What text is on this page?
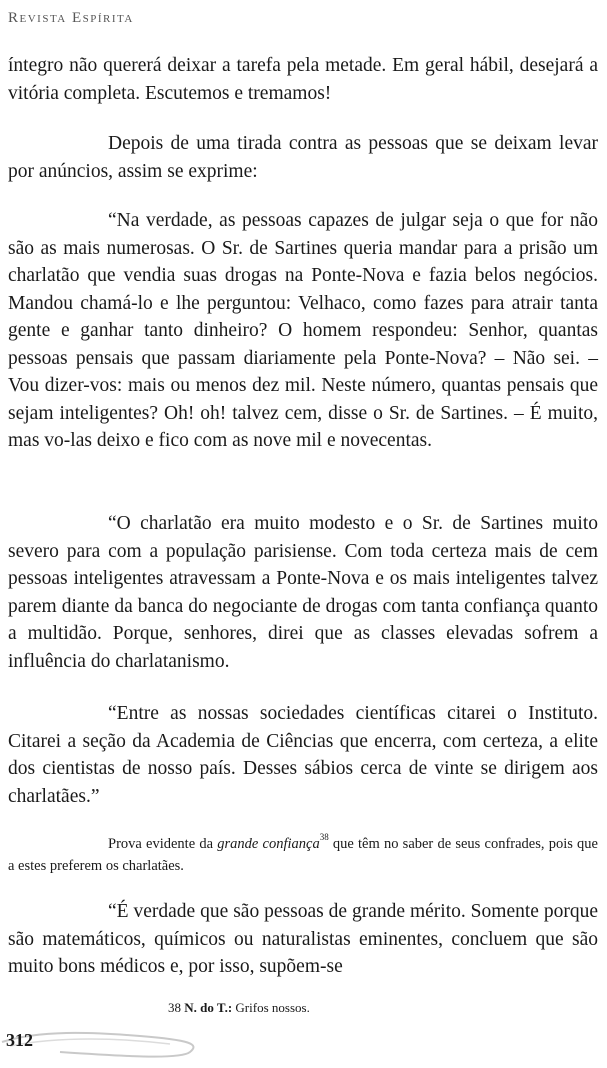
Revista Espírita

íntegro não quererá deixar a tarefa pela metade. Em geral hábil, desejará a vitória completa. Escutemos e tremamos!

Depois de uma tirada contra as pessoas que se deixam levar por anúncios, assim se exprime:

“Na verdade, as pessoas capazes de julgar seja o que for não são as mais numerosas. O Sr. de Sartines queria mandar para a prisão um charlatão que vendia suas drogas na Ponte-Nova e fazia belos negócios. Mandou chamá-lo e lhe perguntou: Velhaco, como fazes para atrair tanta gente e ganhar tanto dinheiro? O homem respondeu: Senhor, quantas pessoas pensais que passam diariamente pela Ponte-Nova? – Não sei. – Vou dizer-vos: mais ou menos dez mil. Neste número, quantas pensais que sejam inteligentes? Oh! oh! talvez cem, disse o Sr. de Sartines. – É muito, mas vo-las deixo e fico com as nove mil e novecentas.

“O charlatão era muito modesto e o Sr. de Sartines muito severo para com a população parisiense. Com toda certeza mais de cem pessoas inteligentes atravessam a Ponte-Nova e os mais inteligentes talvez parem diante da banca do negociante de drogas com tanta confiança quanto a multidão. Porque, senhores, direi que as classes elevadas sofrem a influência do charlatanismo.

“Entre as nossas sociedades científicas citarei o Instituto. Citarei a seção da Academia de Ciências que encerra, com certeza, a elite dos cientistas de nosso país. Desses sábios cerca de vinte se dirigem aos charlatães.”

Prova evidente da grande confiança$^{38}$ que têm no saber de seus confrades, pois que a estes preferem os charlatães.

“É verdade que são pessoas de grande mérito. Somente porque são matemáticos, químicos ou naturalistas eminentes, concluem que são muito bons médicos e, por isso, supõem-se

38 N. do T.: Grifos nossos.

312
